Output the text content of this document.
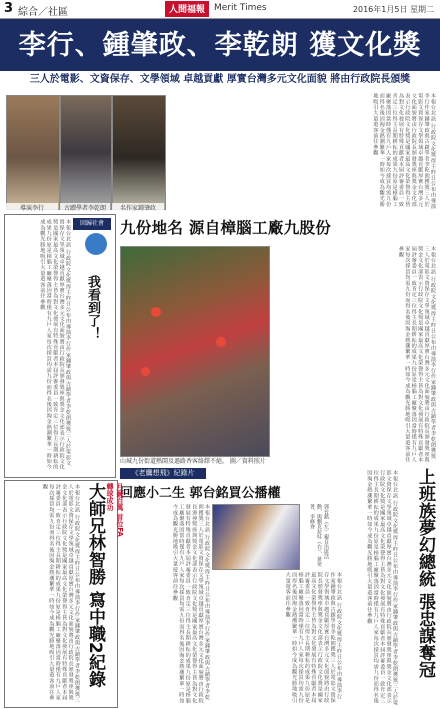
3 綜合／社區	人間福報 Merit Times	2016年1月5日 星期二
李行、鍾肇政、李乾朗 獲文化獎
三人於電影、文資保存、文學領域 卓越貢獻 厚實台灣多元文化面貌 將由行政院長頒獎
導演李行	古蹟學者李乾朗	名作家鍾肇政	本報台北訊 行政院文化獎得主昨日公布由導演李行作家鍾肇政與古蹟學者李乾朗獲獎三人於電影文資保存文學領域卓越貢獻厚實台灣多元文化面貌將由行政院長頒發獎座與獎金文化部表示行政院文化獎是國家最高文化榮譽得主皆為對文化發展有特殊貢獻者本屆評審委員一致肯定三位得主長期耕耘的成果九份原是樟腦工廠聚落因當時僅有九戶人家每次採買均需九份而得名後因淘金熱潮繁華一時如今成為觀光勝地吸引大量遊客前往參觀
回歸社會
本報台北訊 行政院文化獎得主昨日公布由導演李行作家鍾肇政與古蹟學者李乾朗獲獎三人於電影文資保存文學領域卓越貢獻厚實台灣多元文化面貌將由行政院長頒發獎座與獎金文化部表示行政院文化獎是國家最高文化榮譽得主皆為對文化發展有特殊貢獻者本屆評審委員一致肯定三位得主長期耕耘的成果九份原是樟腦工廠聚落因當時僅有九戶人家每次採買均需九份而得名後因淘金熱潮繁華一時如今成為觀光勝地吸引大量遊客前往參觀	我看到了！
九份地名 源自樟腦工廠九股份
山城九份街道熱鬧及過路香客絡繹不絕。 圖／資料照片
本報台北訊 行政院文化獎得主昨日公布由導演李行作家鍾肇政與古蹟學者李乾朗獲獎三人於電影文資保存文學領域卓越貢獻厚實台灣多元文化面貌將由行政院長頒發獎座與獎金文化部表示行政院文化獎是國家最高文化榮譽得主皆為對文化發展有特殊貢獻者本屆評審委員一致肯定三位得主長期耕耘的成果九份原是樟腦工廠聚落因當時僅有九戶人家每次採買均需九份而得名後因淘金熱潮繁華一時如今成為觀光勝地吸引大量遊客前往參觀
《老鷹想飛》紀錄片
回應小二生 郭台銘買公播權
本報台北訊 行政院文化獎得主昨日公布由導演李行作家鍾肇政與古蹟學者李乾朗獲獎三人於電影文資保存文學領域卓越貢獻厚實台灣多元文化面貌將由行政院長頒發獎座與獎金文化部表示行政院文化獎是國家最高文化榮譽得主皆為對文化發展有特殊貢獻者本屆評審委員一致肯定三位得主長期耕耘的成果九份原是樟腦工廠聚落因當時僅有九戶人家每次採買均需九份而得名後因淘金熱潮繁華一時如今成為觀光勝地吸引大量遊客前往參觀	郭台銘（左）親自出席活動，與劉克拉娃（右）、黃奕菁、李修齊
本報台北訊 行政院文化獎得主昨日公布由導演李行作家鍾肇政與古蹟學者李乾朗獲獎三人於電影文資保存文學領域卓越貢獻厚實台灣多元文化面貌將由行政院長頒發獎座與獎金文化部表示行政院文化獎是國家最高文化榮譽得主皆為對文化發展有特殊貢獻者本屆評審委員一致肯定三位得主長期耕耘的成果九份原是樟腦工廠聚落因當時僅有九戶人家每次採買均需九份而得名後因淘金熱潮繁華一時如今成為觀光勝地吸引大量遊客前往參觀
月薪百萬 首位FA轉球成功
大師兄林智勝 寫中職2紀錄
本報台北訊 行政院文化獎得主昨日公布由導演李行作家鍾肇政與古蹟學者李乾朗獲獎三人於電影文資保存文學領域卓越貢獻厚實台灣多元文化面貌將由行政院長頒發獎座與獎金文化部表示行政院文化獎是國家最高文化榮譽得主皆為對文化發展有特殊貢獻者本屆評審委員一致肯定三位得主長期耕耘的成果九份原是樟腦工廠聚落因當時僅有九戶人家每次採買均需九份而得名後因淘金熱潮繁華一時如今成為觀光勝地吸引大量遊客前往參觀	本報台北訊 行政院文化獎得主昨日公布由導演李行作家鍾肇政與古蹟學者李乾朗獲獎三人於電影文資保存文學領域卓越貢獻厚實台灣多元文化面貌將由行政院長頒發獎座與獎金文化部表示行政院文化獎是國家最高文化榮譽得主皆為對文化發展有特殊貢獻者本屆評審委員一致肯定三位得主長期耕耘的成果九份原是樟腦工廠聚落因當時僅有九戶人家每次採買均需九份而得名後因淘金熱潮繁華一時如今成為觀光勝地吸引大量遊客前往參觀	上班族夢幻總統 張忠謀奪冠
